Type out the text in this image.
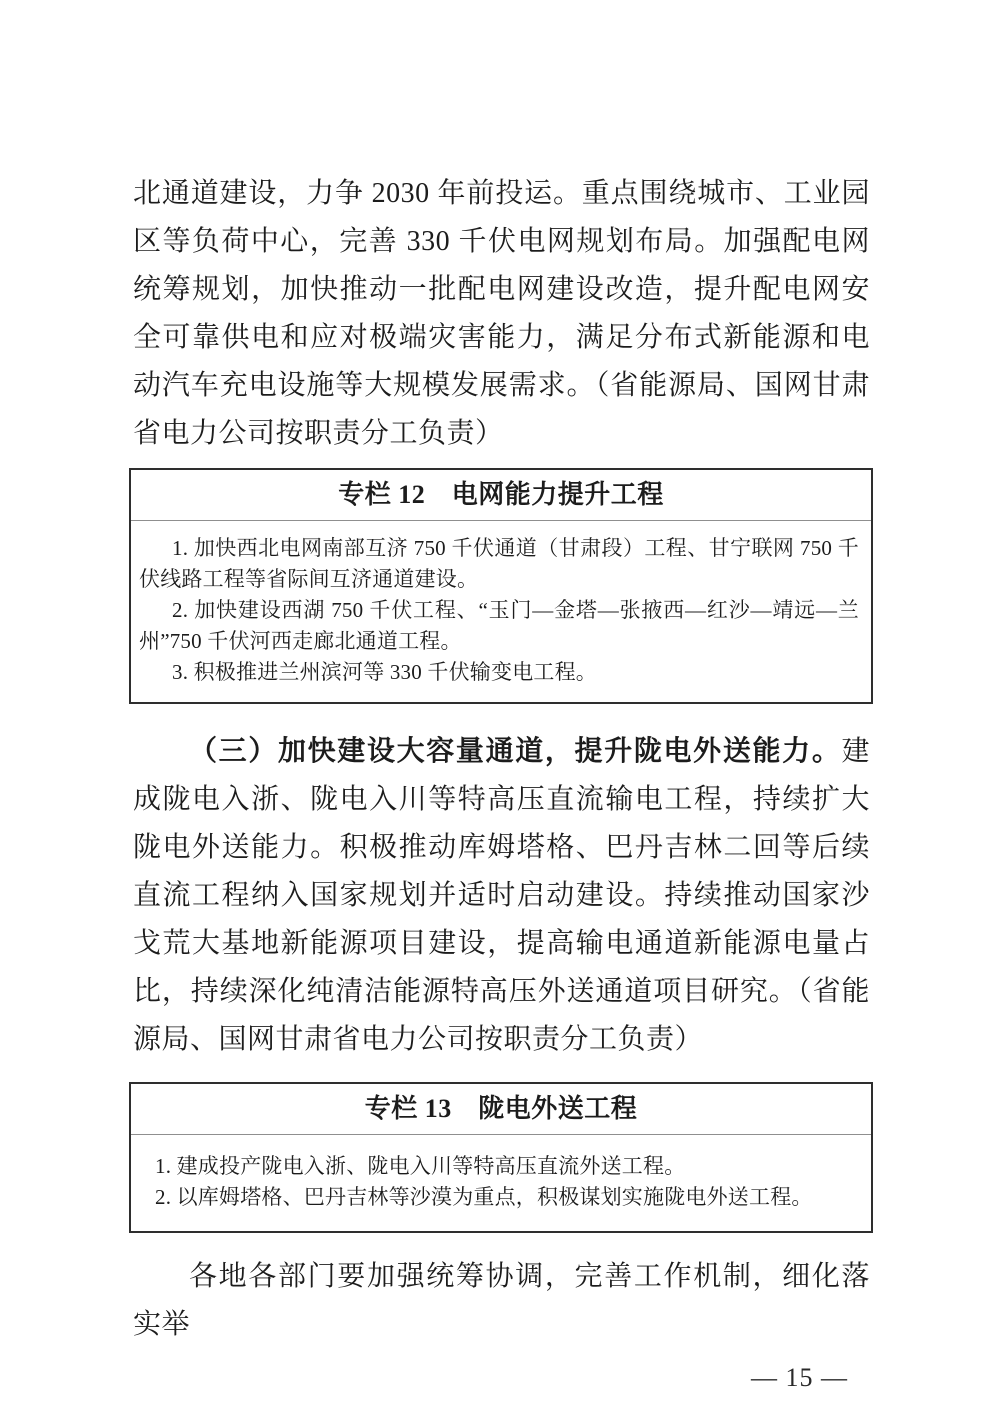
北通道建设，力争 2030 年前投运。重点围绕城市、工业园区等负荷中心，完善 330 千伏电网规划布局。加强配电网统筹规划，加快推动一批配电网建设改造，提升配电网安全可靠供电和应对极端灾害能力，满足分布式新能源和电动汽车充电设施等大规模发展需求。（省能源局、国网甘肃省电力公司按职责分工负责）

专栏 12　电网能力提升工程
1. 加快西北电网南部互济 750 千伏通道（甘肃段）工程、甘宁联网 750 千伏线路工程等省际间互济通道建设。
2. 加快建设西湖 750 千伏工程、“玉门—金塔—张掖西—红沙—靖远—兰州”750 千伏河西走廊北通道工程。
3. 积极推进兰州滨河等 330 千伏输变电工程。

（三）加快建设大容量通道，提升陇电外送能力。建成陇电入浙、陇电入川等特高压直流输电工程，持续扩大陇电外送能力。积极推动库姆塔格、巴丹吉林二回等后续直流工程纳入国家规划并适时启动建设。持续推动国家沙戈荒大基地新能源项目建设，提高输电通道新能源电量占比，持续深化纯清洁能源特高压外送通道项目研究。（省能源局、国网甘肃省电力公司按职责分工负责）

专栏 13　陇电外送工程
1. 建成投产陇电入浙、陇电入川等特高压直流外送工程。
2. 以库姆塔格、巴丹吉林等沙漠为重点，积极谋划实施陇电外送工程。

各地各部门要加强统筹协调，完善工作机制，细化落实举

— 15 —
